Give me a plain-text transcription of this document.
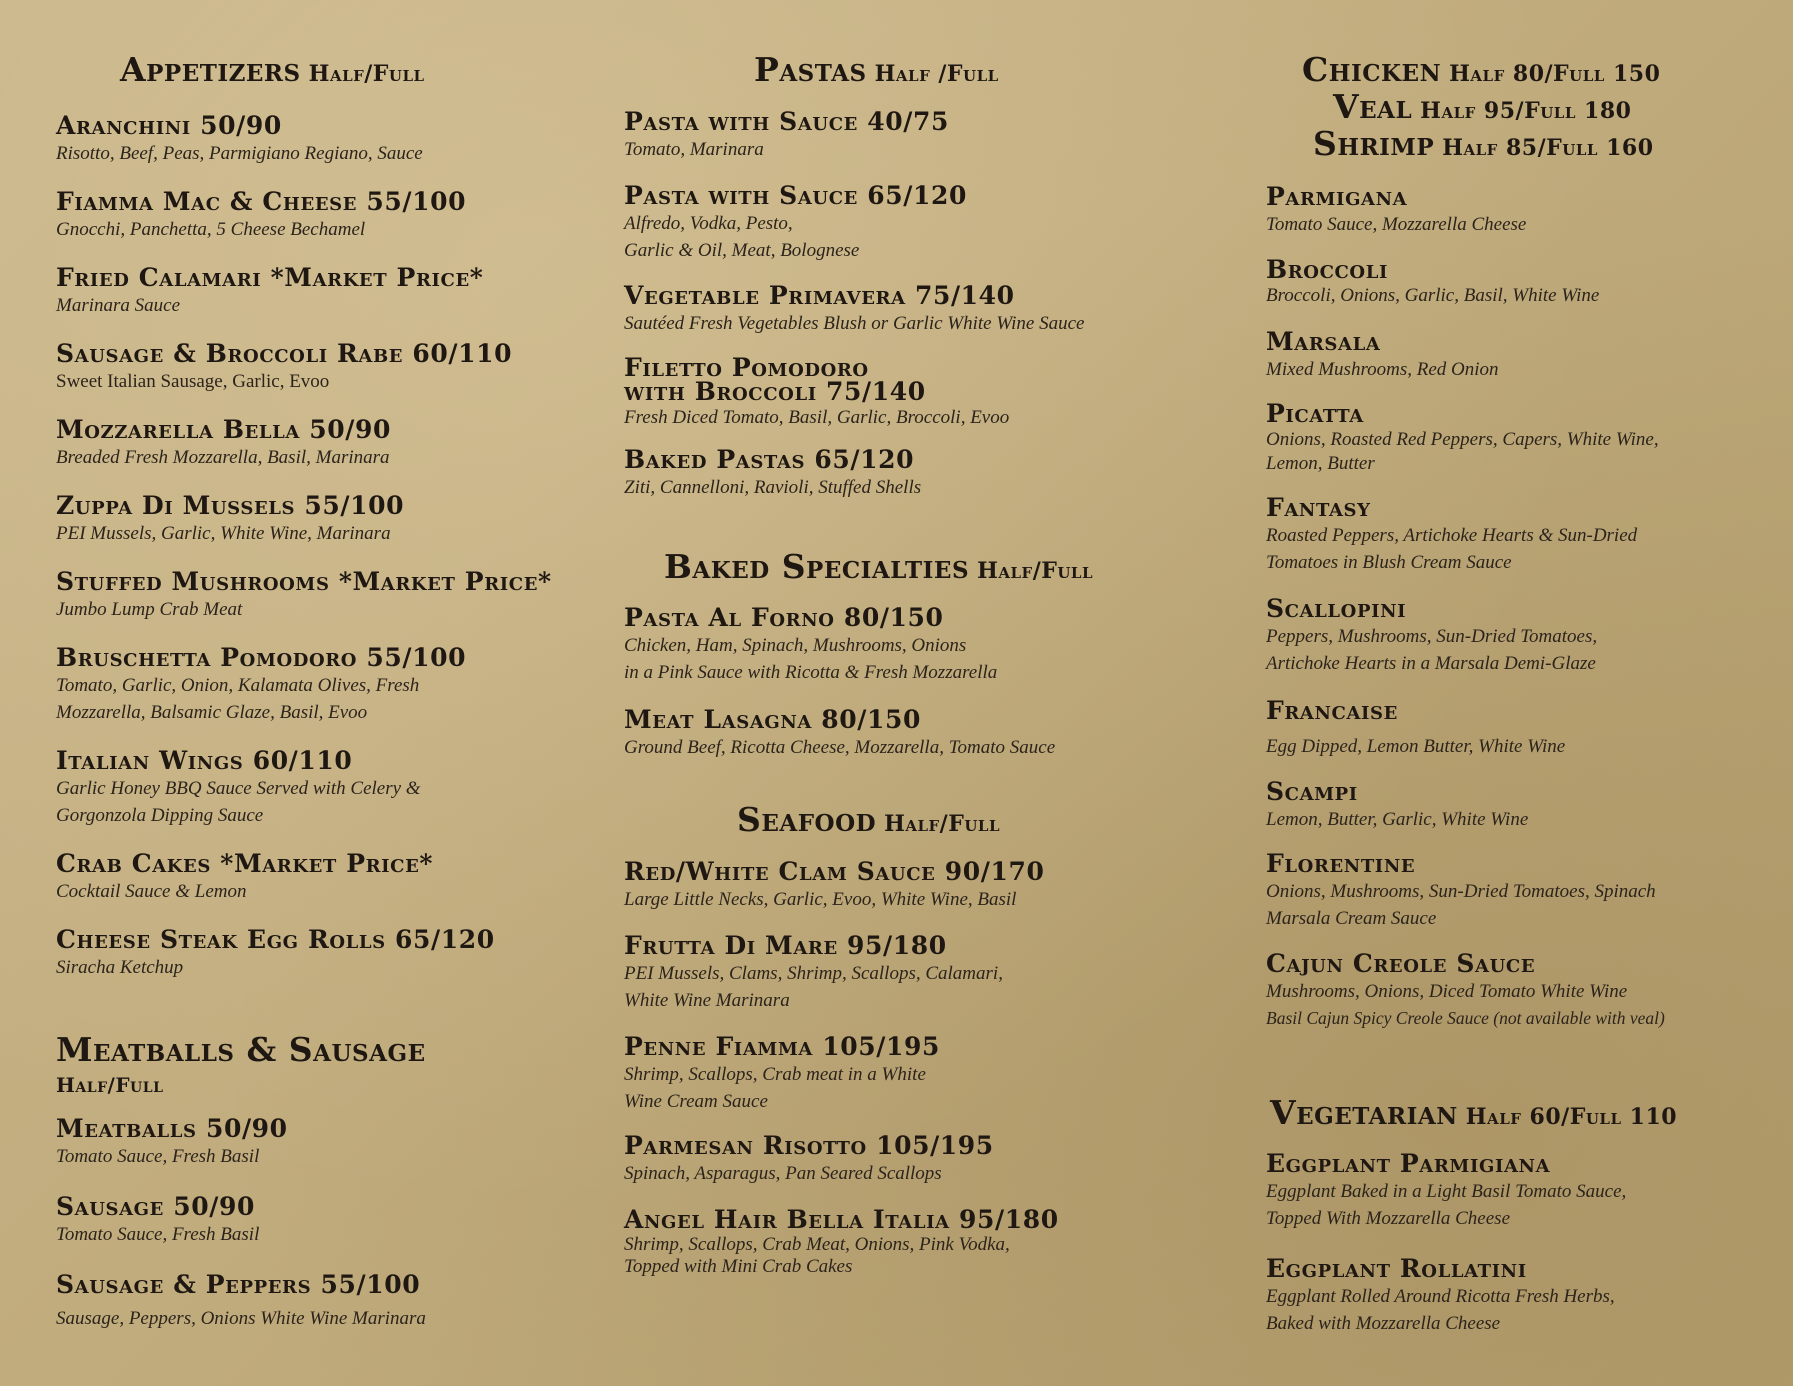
Appetizers Half/Full
Aranchini 50/90
Risotto, Beef, Peas, Parmigiano Regiano, Sauce
Fiamma Mac & Cheese 55/100
Gnocchi, Panchetta, 5 Cheese Bechamel
Fried Calamari *Market Price*
Marinara Sauce
Sausage & Broccoli Rabe 60/110
Sweet Italian Sausage, Garlic, Evoo
Mozzarella Bella 50/90
Breaded Fresh Mozzarella, Basil, Marinara
Zuppa Di Mussels 55/100
PEI Mussels, Garlic, White Wine, Marinara
Stuffed Mushrooms *Market Price*
Jumbo Lump Crab Meat
Bruschetta Pomodoro 55/100
Tomato, Garlic, Onion, Kalamata Olives, Fresh
Mozzarella, Balsamic Glaze, Basil, Evoo
Italian Wings 60/110
Garlic Honey BBQ Sauce Served with Celery &
Gorgonzola Dipping Sauce
Crab Cakes *Market Price*
Cocktail Sauce & Lemon
Cheese Steak Egg Rolls 65/120
Siracha Ketchup
Meatballs & Sausage
Half/Full
Meatballs 50/90
Tomato Sauce, Fresh Basil
Sausage 50/90
Tomato Sauce, Fresh Basil
Sausage & Peppers 55/100
Sausage, Peppers, Onions White Wine Marinara
Pastas Half /Full
Pasta with Sauce 40/75
Tomato, Marinara
Pasta with Sauce 65/120
Alfredo, Vodka, Pesto,
Garlic & Oil, Meat, Bolognese
Vegetable Primavera 75/140
Sautéed Fresh Vegetables Blush or Garlic White Wine Sauce
Filetto Pomodoro
with Broccoli 75/140
Fresh Diced Tomato, Basil, Garlic, Broccoli, Evoo
Baked Pastas 65/120
Ziti, Cannelloni, Ravioli, Stuffed Shells
Baked Specialties Half/Full
Pasta Al Forno 80/150
Chicken, Ham, Spinach, Mushrooms, Onions
in a Pink Sauce with Ricotta & Fresh Mozzarella
Meat Lasagna 80/150
Ground Beef, Ricotta Cheese, Mozzarella, Tomato Sauce
Seafood Half/Full
Red/White Clam Sauce 90/170
Large Little Necks, Garlic, Evoo, White Wine, Basil
Frutta Di Mare 95/180
PEI Mussels, Clams, Shrimp, Scallops, Calamari,
White Wine Marinara
Penne Fiamma 105/195
Shrimp, Scallops, Crab meat in a White
Wine Cream Sauce
Parmesan Risotto 105/195
Spinach, Asparagus, Pan Seared Scallops
Angel Hair Bella Italia 95/180
Shrimp, Scallops, Crab Meat, Onions, Pink Vodka,
Topped with Mini Crab Cakes
Chicken Half 80/Full 150
Veal Half 95/Full 180
Shrimp Half 85/Full 160
Parmigana
Tomato Sauce, Mozzarella Cheese
Broccoli
Broccoli, Onions, Garlic, Basil, White Wine
Marsala
Mixed Mushrooms, Red Onion
Picatta
Onions, Roasted Red Peppers, Capers, White Wine,
Lemon, Butter
Fantasy
Roasted Peppers, Artichoke Hearts & Sun-Dried
Tomatoes in Blush Cream Sauce
Scallopini
Peppers, Mushrooms, Sun-Dried Tomatoes,
Artichoke Hearts in a Marsala Demi-Glaze
Francaise
Egg Dipped, Lemon Butter, White Wine
Scampi
Lemon, Butter, Garlic, White Wine
Florentine
Onions, Mushrooms, Sun-Dried Tomatoes, Spinach
Marsala Cream Sauce
Cajun Creole Sauce
Mushrooms, Onions, Diced Tomato White Wine
Basil Cajun Spicy Creole Sauce (not available with veal)
Vegetarian Half 60/Full 110
Eggplant Parmigiana
Eggplant Baked in a Light Basil Tomato Sauce,
Topped With Mozzarella Cheese
Eggplant Rollatini
Eggplant Rolled Around Ricotta Fresh Herbs,
Baked with Mozzarella Cheese
